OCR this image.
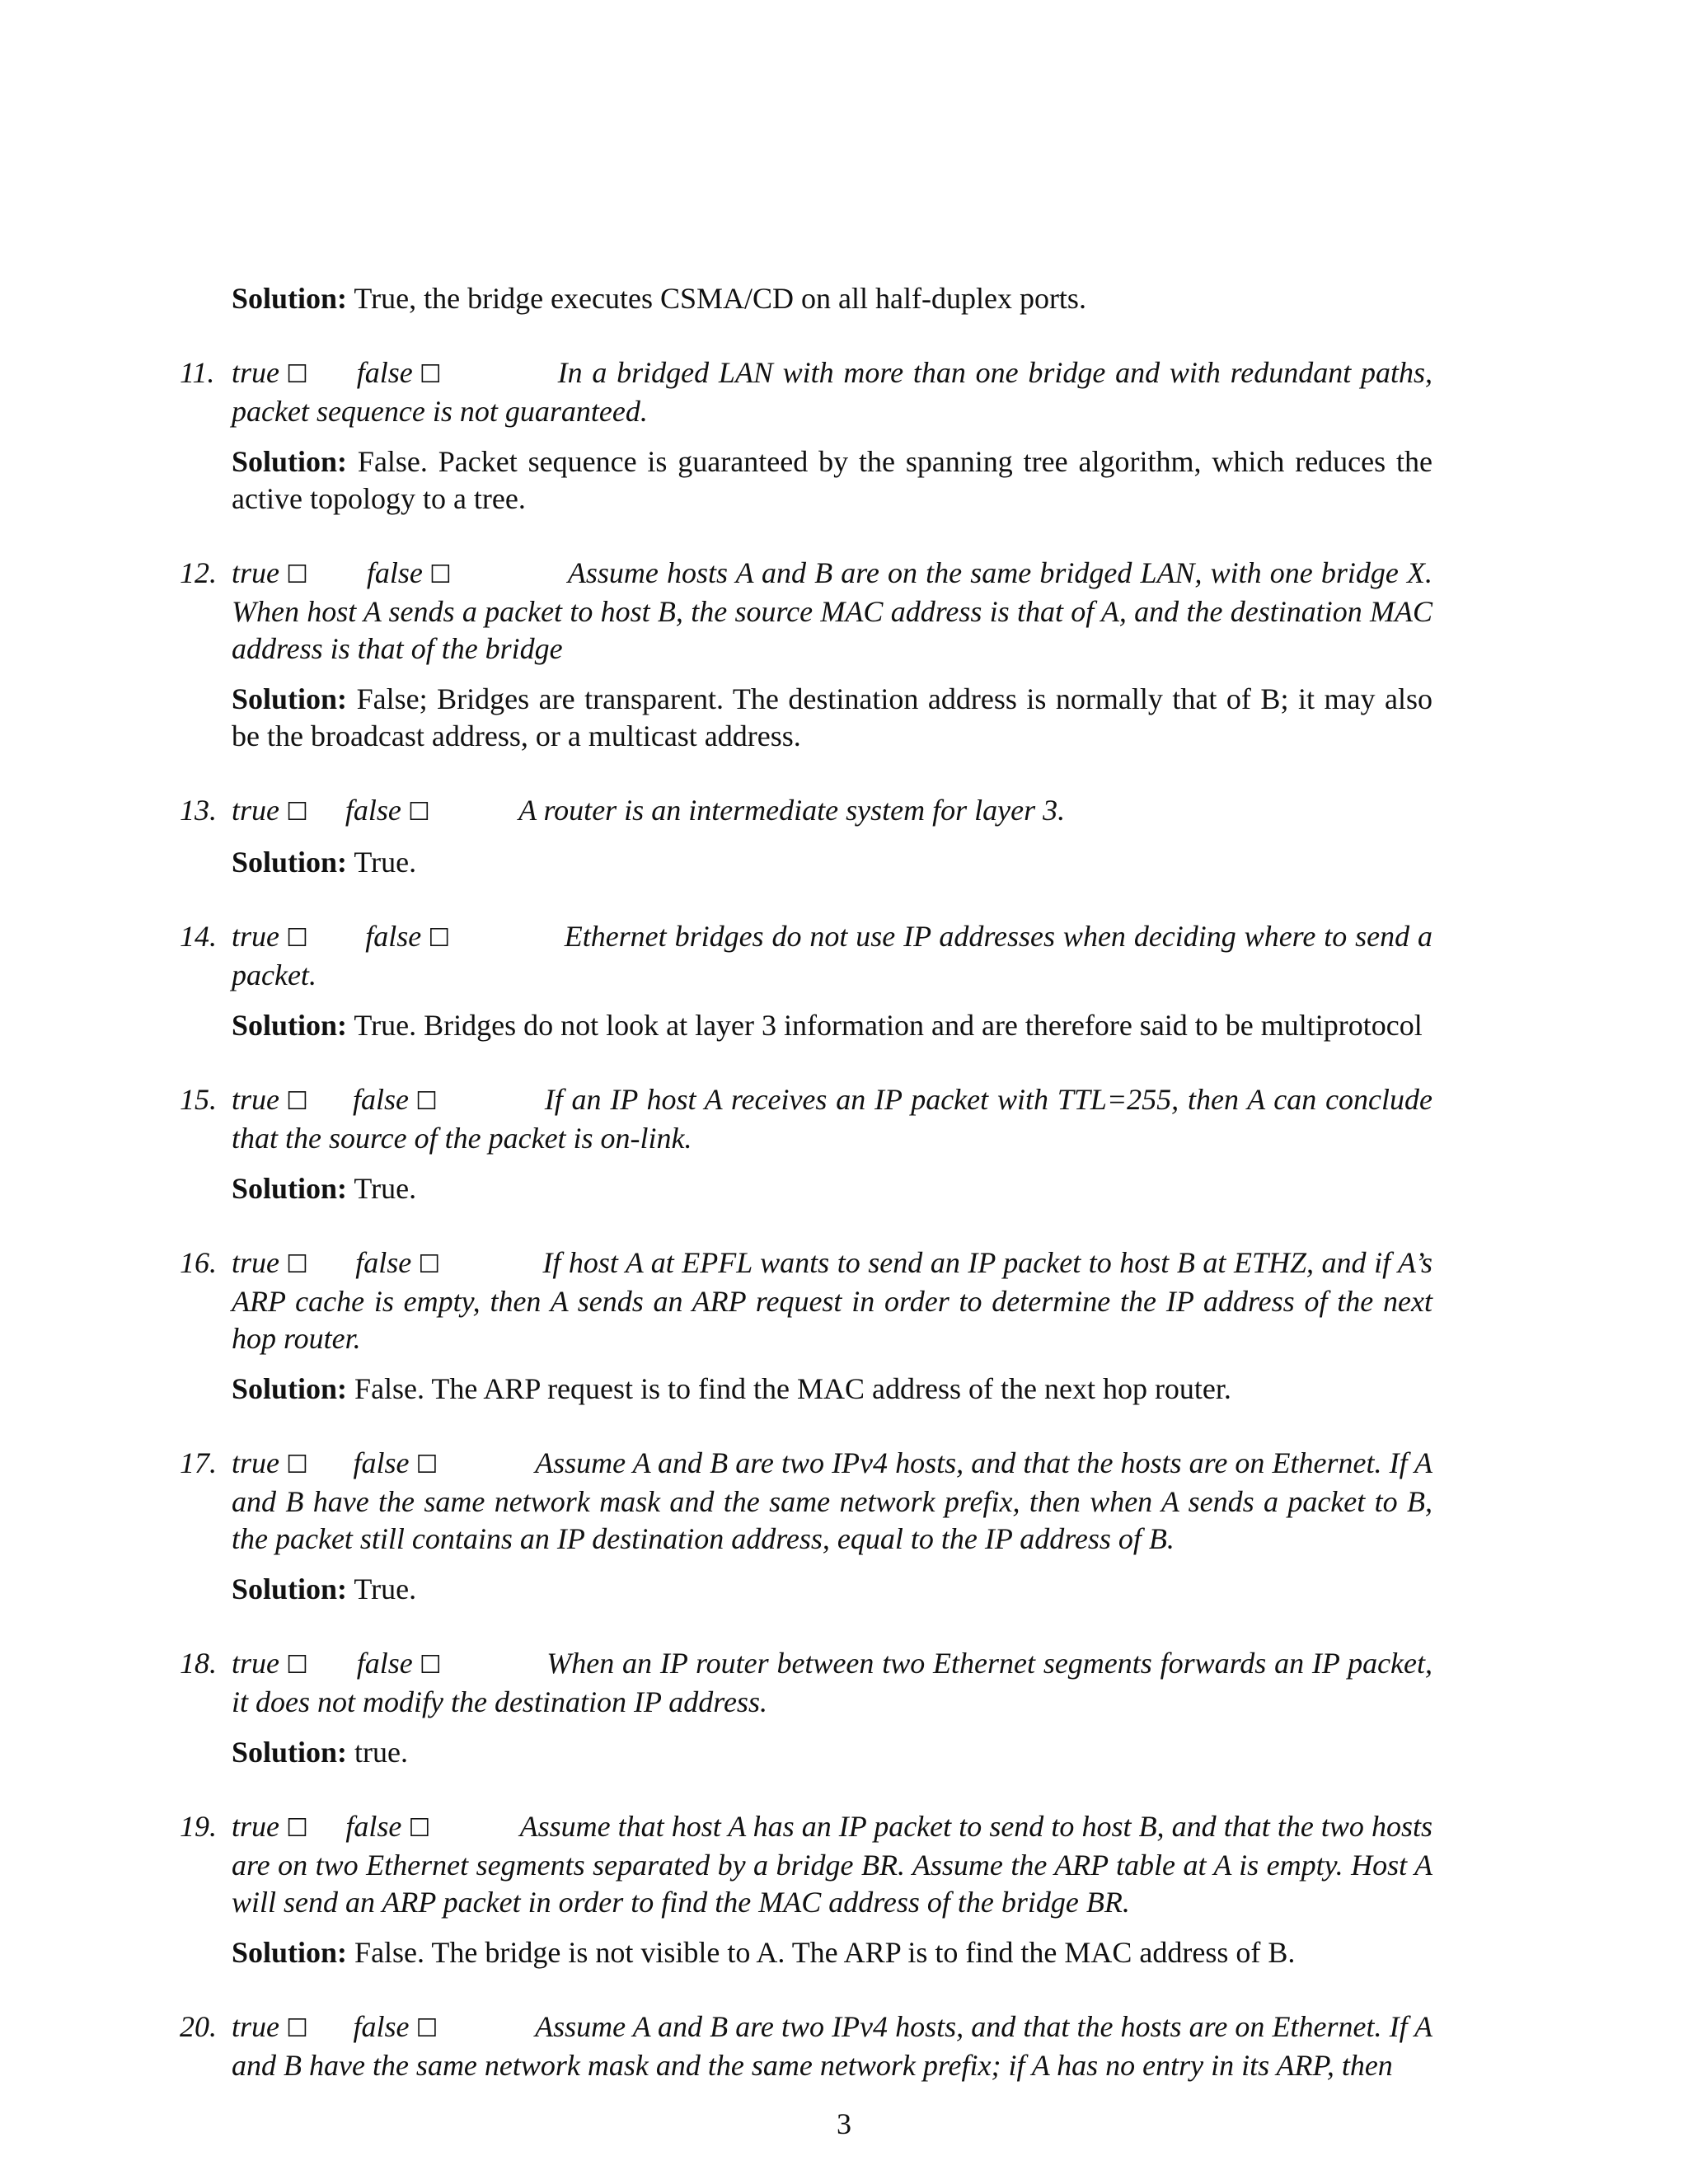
Solution: True, the bridge executes CSMA/CD on all half-duplex ports.
11. true ☐ false ☐	In a bridged LAN with more than one bridge and with redundant paths, packet sequence is not guaranteed.
Solution: False. Packet sequence is guaranteed by the spanning tree algorithm, which reduces the active topology to a tree.
12. true ☐ false ☐	Assume hosts A and B are on the same bridged LAN, with one bridge X. When host A sends a packet to host B, the source MAC address is that of A, and the destination MAC address is that of the bridge
Solution: False; Bridges are transparent. The destination address is normally that of B; it may also be the broadcast address, or a multicast address.
13. true ☐ false ☐	A router is an intermediate system for layer 3.
Solution: True.
14. true ☐ false ☐	Ethernet bridges do not use IP addresses when deciding where to send a packet.
Solution: True. Bridges do not look at layer 3 information and are therefore said to be multiprotocol
15. true ☐ false ☐	If an IP host A receives an IP packet with TTL=255, then A can conclude that the source of the packet is on-link.
Solution: True.
16. true ☐ false ☐	If host A at EPFL wants to send an IP packet to host B at ETHZ, and if A’s ARP cache is empty, then A sends an ARP request in order to determine the IP address of the next hop router.
Solution: False. The ARP request is to find the MAC address of the next hop router.
17. true ☐ false ☐	Assume A and B are two IPv4 hosts, and that the hosts are on Ethernet. If A and B have the same network mask and the same network prefix, then when A sends a packet to B, the packet still contains an IP destination address, equal to the IP address of B.
Solution: True.
18. true ☐ false ☐	When an IP router between two Ethernet segments forwards an IP packet, it does not modify the destination IP address.
Solution: true.
19. true ☐ false ☐	Assume that host A has an IP packet to send to host B, and that the two hosts are on two Ethernet segments separated by a bridge BR. Assume the ARP table at A is empty. Host A will send an ARP packet in order to find the MAC address of the bridge BR.
Solution: False. The bridge is not visible to A. The ARP is to find the MAC address of B.
20. true ☐ false ☐	Assume A and B are two IPv4 hosts, and that the hosts are on Ethernet. If A and B have the same network mask and the same network prefix; if A has no entry in its ARP, then
3
